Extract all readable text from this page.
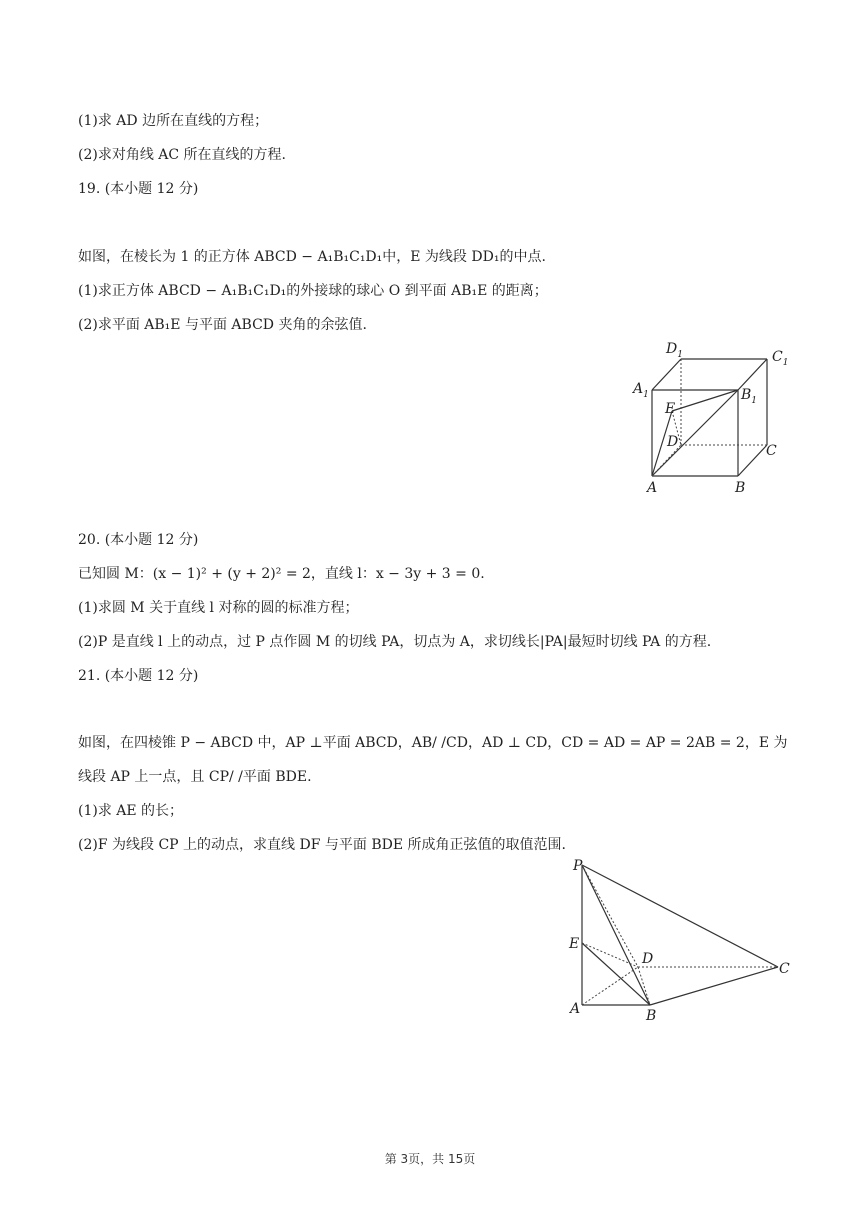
(1)求 AD 边所在直线的方程；
(2)求对角线 AC 所在直线的方程.
19. (本小题 12 分)
如图，在棱长为 1 的正方体 ABCD − A₁B₁C₁D₁中，E 为线段 DD₁的中点.
(1)求正方体 ABCD − A₁B₁C₁D₁的外接球的球心 O 到平面 AB₁E 的距离；
(2)求平面 AB₁E 与平面 ABCD 夹角的余弦值.
$D_1$	$C_1$
$A_1$	$B_1$
E
D
C
A	B
20. (本小题 12 分)
已知圆 M：(x − 1)² + (y + 2)² = 2，直线 l：x − 3y + 3 = 0.
(1)求圆 M 关于直线 l 对称的圆的标准方程；
(2)P 是直线 l 上的动点，过 P 点作圆 M 的切线 PA，切点为 A，求切线长|PA|最短时切线 PA 的方程.
21. (本小题 12 分)
如图，在四棱锥 P − ABCD 中，AP ⊥平面 ABCD，AB/ /CD，AD ⊥ CD，CD = AD = AP = 2AB = 2，E 为
线段 AP 上一点，且 CP/ /平面 BDE.
(1)求 AE 的长；
(2)F 为线段 CP 上的动点，求直线 DF 与平面 BDE 所成角正弦值的取值范围.
P
E
D
C
A	B
第 3页，共 15页
